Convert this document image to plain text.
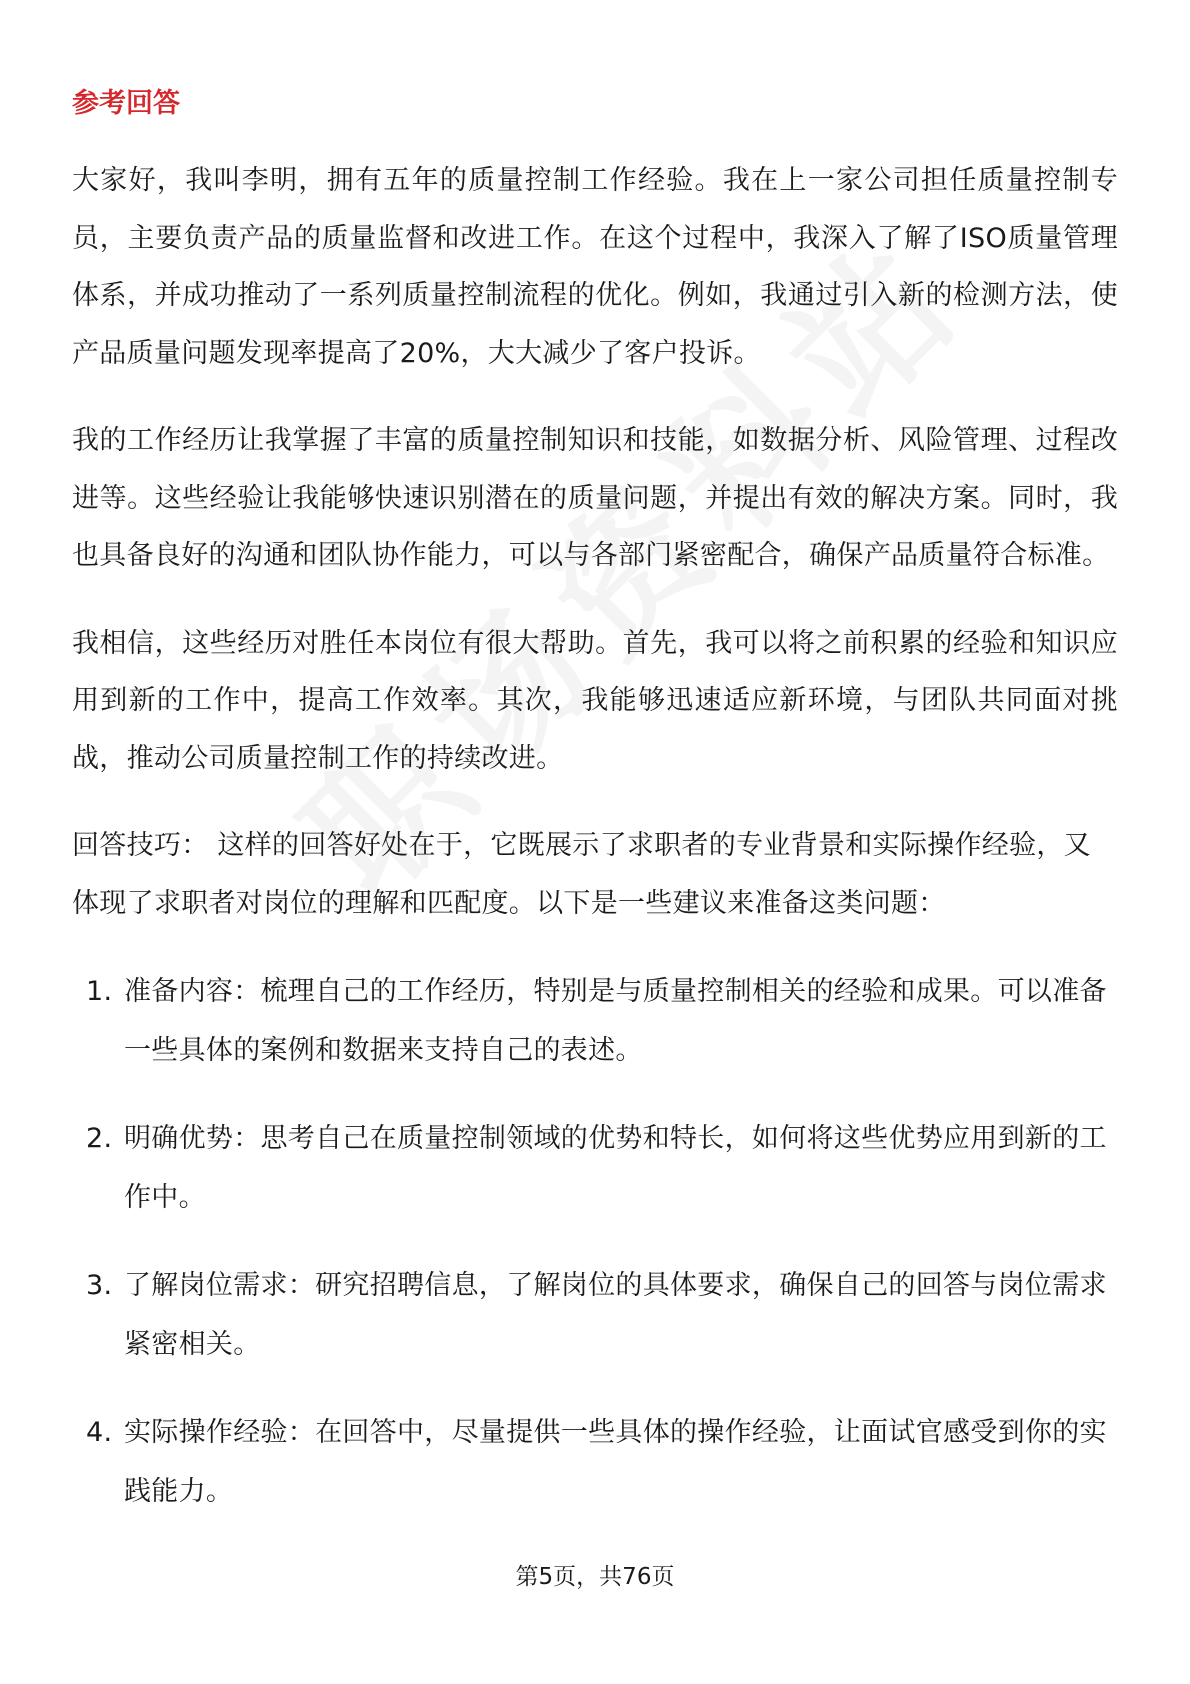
参考回答

大家好，我叫李明，拥有五年的质量控制工作经验。我在上一家公司担任质量控制专员，主要负责产品的质量监督和改进工作。在这个过程中，我深入了解了ISO质量管理体系，并成功推动了一系列质量控制流程的优化。例如，我通过引入新的检测方法，使产品质量问题发现率提高了20%，大大减少了客户投诉。

我的工作经历让我掌握了丰富的质量控制知识和技能，如数据分析、风险管理、过程改进等。这些经验让我能够快速识别潜在的质量问题，并提出有效的解决方案。同时，我也具备良好的沟通和团队协作能力，可以与各部门紧密配合，确保产品质量符合标准。

我相信，这些经历对胜任本岗位有很大帮助。首先，我可以将之前积累的经验和知识应用到新的工作中，提高工作效率。其次，我能够迅速适应新环境，与团队共同面对挑战，推动公司质量控制工作的持续改进。

回答技巧： 这样的回答好处在于，它既展示了求职者的专业背景和实际操作经验，又体现了求职者对岗位的理解和匹配度。以下是一些建议来准备这类问题：

1. 准备内容：梳理自己的工作经历，特别是与质量控制相关的经验和成果。可以准备一些具体的案例和数据来支持自己的表述。
2. 明确优势：思考自己在质量控制领域的优势和特长，如何将这些优势应用到新的工作中。
3. 了解岗位需求：研究招聘信息，了解岗位的具体要求，确保自己的回答与岗位需求紧密相关。
4. 实际操作经验：在回答中，尽量提供一些具体的操作经验，让面试官感受到你的实践能力。
第5页，共76页
